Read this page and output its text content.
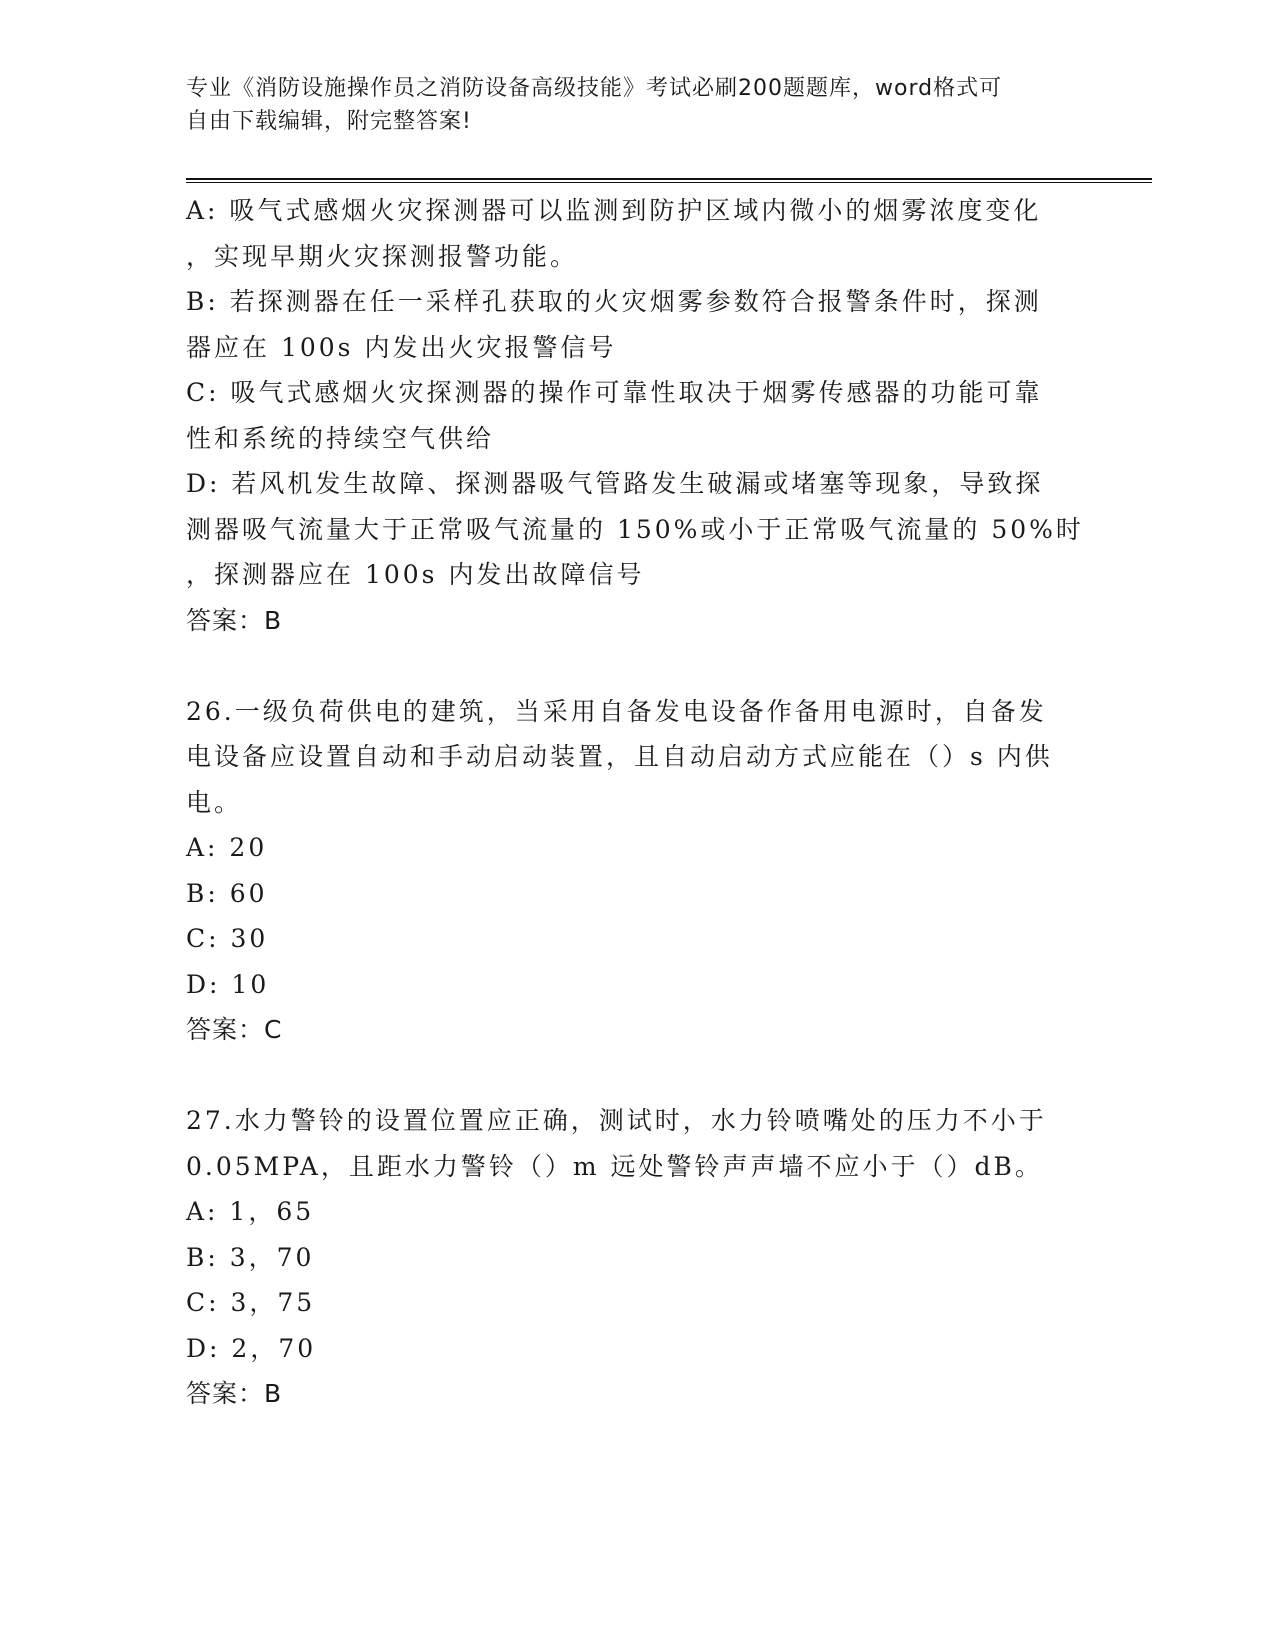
专业《消防设施操作员之消防设备高级技能》考试必刷200题题库，word格式可
自由下载编辑，附完整答案!
A: 吸气式感烟火灾探测器可以监测到防护区域内微小的烟雾浓度变化
，实现早期火灾探测报警功能。
B: 若探测器在任一采样孔获取的火灾烟雾参数符合报警条件时，探测
器应在 100s 内发出火灾报警信号
C: 吸气式感烟火灾探测器的操作可靠性取决于烟雾传感器的功能可靠
性和系统的持续空气供给
D: 若风机发生故障、探测器吸气管路发生破漏或堵塞等现象，导致探
测器吸气流量大于正常吸气流量的 150%或小于正常吸气流量的 50%时
，探测器应在 100s 内发出故障信号
答案：B
26.一级负荷供电的建筑，当采用自备发电设备作备用电源时，自备发
电设备应设置自动和手动启动装置，且自动启动方式应能在（）s 内供
电。
A: 20
B: 60
C: 30
D: 10
答案：C
27.水力警铃的设置位置应正确，测试时，水力铃喷嘴处的压力不小于
0.05MPA，且距水力警铃（）m 远处警铃声声墙不应小于（）dB。
A: 1，65
B: 3，70
C: 3，75
D: 2，70
答案：B
